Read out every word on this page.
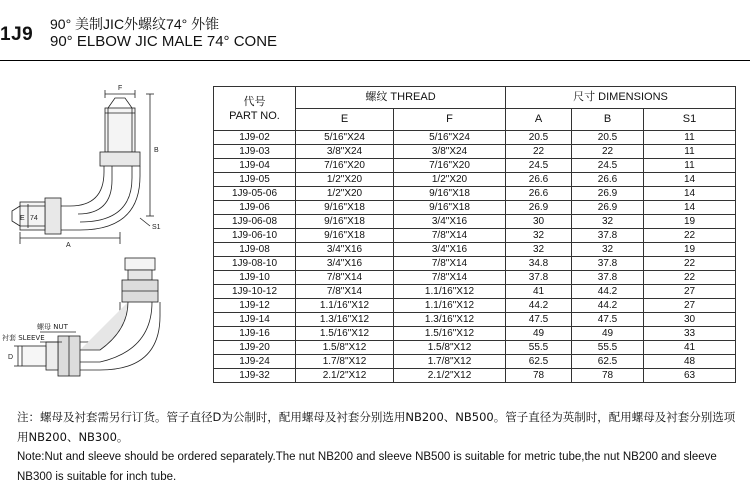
1J9 90° 美制JIC外螺纹74° 外锥
90° ELBOW JIC MALE 74° CONE
F
B
E 74
A
S1
螺母 NUT
衬套 SLEEVE
D
代号
PART NO.	螺纹 THREAD		尺寸 DIMENSIONS		
	E	F	A	B	S1
1J9-02	5/16"X24	5/16"X24	20.5	20.5	11
1J9-03	3/8"X24	3/8"X24	22	22	11
1J9-04	7/16"X20	7/16"X20	24.5	24.5	11
1J9-05	1/2"X20	1/2"X20	26.6	26.6	14
1J9-05-06	1/2"X20	9/16"X18	26.6	26.9	14
1J9-06	9/16"X18	9/16"X18	26.9	26.9	14
1J9-06-08	9/16"X18	3/4"X16	30	32	19
1J9-06-10	9/16"X18	7/8"X14	32	37.8	22
1J9-08	3/4"X16	3/4"X16	32	32	19
1J9-08-10	3/4"X16	7/8"X14	34.8	37.8	22
1J9-10	7/8"X14	7/8"X14	37.8	37.8	22
1J9-10-12	7/8"X14	1.1/16"X12	41	44.2	27
1J9-12	1.1/16"X12	1.1/16"X12	44.2	44.2	27
1J9-14	1.3/16"X12	1.3/16"X12	47.5	47.5	30
1J9-16	1.5/16"X12	1.5/16"X12	49	49	33
1J9-20	1.5/8"X12	1.5/8"X12	55.5	55.5	41
1J9-24	1.7/8"X12	1.7/8"X12	62.5	62.5	48
1J9-32	2.1/2"X12	2.1/2"X12	78	78	63
注：螺母及衬套需另行订货。管子直径D为公制时，配用螺母及衬套分别选用NB200、NB500。管子直径为英制时，配用螺母及衬套分别选项用NB200、NB300。
Note:Nut and sleeve should be ordered separately.The nut NB200 and sleeve NB500 is suitable for metric tube,the nut NB200 and sleeve NB300 is suitable for inch tube.
